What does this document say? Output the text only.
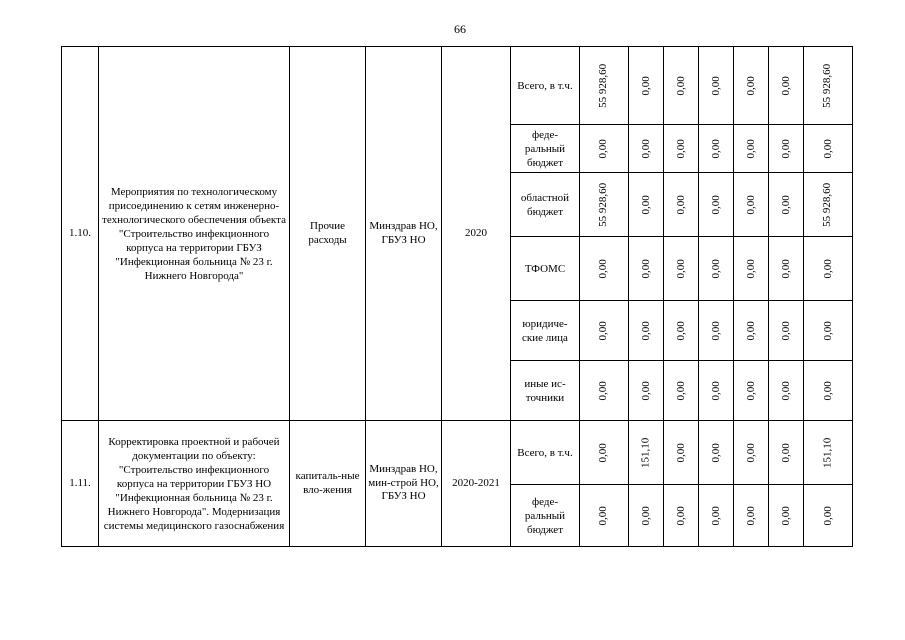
66
1.10.	Мероприятия по технологическому присоединению к сетям инженерно-технологического обеспечения объекта "Строительство инфекционного корпуса на территории ГБУЗ "Инфекционная больница № 23 г. Нижнего Новгорода"	Прочие расходы	Минздрав НО, ГБУЗ НО	2020	Всего, в т.ч.	55 928,60	0,00	0,00	0,00	0,00	0,00	55 928,60
					феде-ральный бюджет	0,00	0,00	0,00	0,00	0,00	0,00	0,00
					областной бюджет	55 928,60	0,00	0,00	0,00	0,00	0,00	55 928,60
					ТФОМС	0,00	0,00	0,00	0,00	0,00	0,00	0,00
					юридиче-ские лица	0,00	0,00	0,00	0,00	0,00	0,00	0,00
					иные ис-точники	0,00	0,00	0,00	0,00	0,00	0,00	0,00
1.11.	Корректировка проектной и рабочей документации по объекту: "Строительство инфекционного корпуса на территории ГБУЗ НО "Инфекционная больница № 23 г. Нижнего Новгорода". Модернизация системы медицинского газоснабжения	капиталь-ные вло-жения	Минздрав НО, мин-строй НО, ГБУЗ НО	2020-2021	Всего, в т.ч.	0,00	151,10	0,00	0,00	0,00	0,00	151,10
					феде-ральный бюджет	0,00	0,00	0,00	0,00	0,00	0,00	0,00
